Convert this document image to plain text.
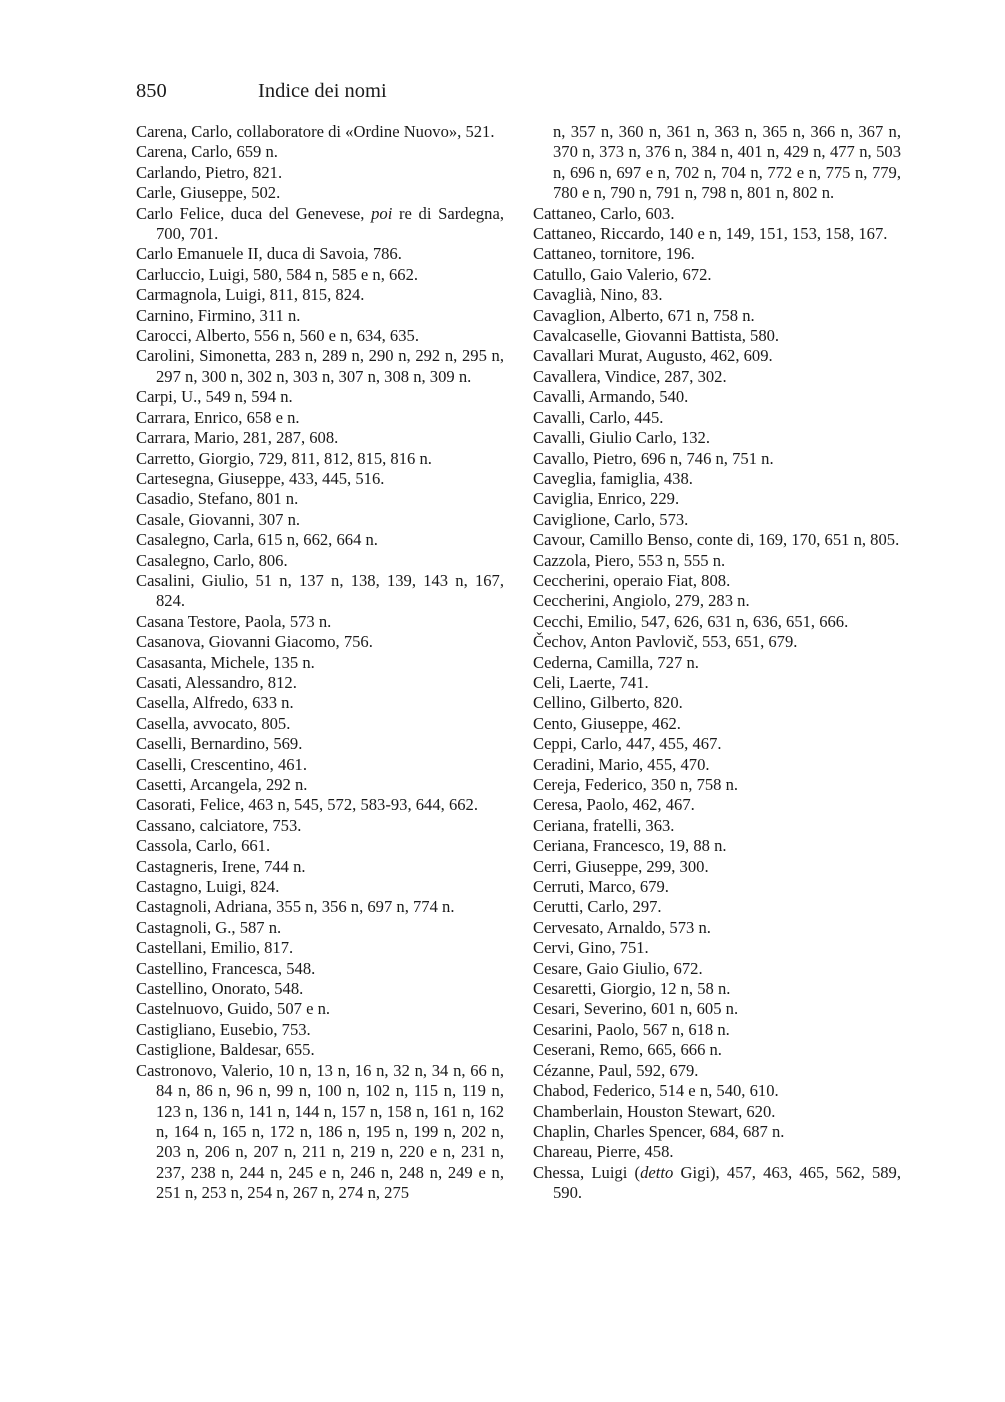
850	Indice dei nomi
Carena, Carlo, collaboratore di «Ordine Nuovo», 521.
Carena, Carlo, 659 n.
Carlando, Pietro, 821.
Carle, Giuseppe, 502.
Carlo Felice, duca del Genevese, poi re di Sardegna, 700, 701.
Carlo Emanuele II, duca di Savoia, 786.
Carluccio, Luigi, 580, 584 n, 585 e n, 662.
Carmagnola, Luigi, 811, 815, 824.
Carnino, Firmino, 311 n.
Carocci, Alberto, 556 n, 560 e n, 634, 635.
Carolini, Simonetta, 283 n, 289 n, 290 n, 292 n, 295 n, 297 n, 300 n, 302 n, 303 n, 307 n, 308 n, 309 n.
Carpi, U., 549 n, 594 n.
Carrara, Enrico, 658 e n.
Carrara, Mario, 281, 287, 608.
Carretto, Giorgio, 729, 811, 812, 815, 816 n.
Cartesegna, Giuseppe, 433, 445, 516.
Casadio, Stefano, 801 n.
Casale, Giovanni, 307 n.
Casalegno, Carla, 615 n, 662, 664 n.
Casalegno, Carlo, 806.
Casalini, Giulio, 51 n, 137 n, 138, 139, 143 n, 167, 824.
Casana Testore, Paola, 573 n.
Casanova, Giovanni Giacomo, 756.
Casasanta, Michele, 135 n.
Casati, Alessandro, 812.
Casella, Alfredo, 633 n.
Casella, avvocato, 805.
Caselli, Bernardino, 569.
Caselli, Crescentino, 461.
Casetti, Arcangela, 292 n.
Casorati, Felice, 463 n, 545, 572, 583-93, 644, 662.
Cassano, calciatore, 753.
Cassola, Carlo, 661.
Castagneris, Irene, 744 n.
Castagno, Luigi, 824.
Castagnoli, Adriana, 355 n, 356 n, 697 n, 774 n.
Castagnoli, G., 587 n.
Castellani, Emilio, 817.
Castellino, Francesca, 548.
Castellino, Onorato, 548.
Castelnuovo, Guido, 507 e n.
Castigliano, Eusebio, 753.
Castiglione, Baldesar, 655.
Castronovo, Valerio, 10 n, 13 n, 16 n, 32 n, 34 n, 66 n, 84 n, 86 n, 96 n, 99 n, 100 n, 102 n, 115 n, 119 n, 123 n, 136 n, 141 n, 144 n, 157 n, 158 n, 161 n, 162 n, 164 n, 165 n, 172 n, 186 n, 195 n, 199 n, 202 n, 203 n, 206 n, 207 n, 211 n, 219 n, 220 e n, 231 n, 237, 238 n, 244 n, 245 e n, 246 n, 248 n, 249 e n, 251 n, 253 n, 254 n, 267 n, 274 n, 275
n, 357 n, 360 n, 361 n, 363 n, 365 n, 366 n, 367 n, 370 n, 373 n, 376 n, 384 n, 401 n, 429 n, 477 n, 503 n, 696 n, 697 e n, 702 n, 704 n, 772 e n, 775 n, 779, 780 e n, 790 n, 791 n, 798 n, 801 n, 802 n.
Cattaneo, Carlo, 603.
Cattaneo, Riccardo, 140 e n, 149, 151, 153, 158, 167.
Cattaneo, tornitore, 196.
Catullo, Gaio Valerio, 672.
Cavaglià, Nino, 83.
Cavaglion, Alberto, 671 n, 758 n.
Cavalcaselle, Giovanni Battista, 580.
Cavallari Murat, Augusto, 462, 609.
Cavallera, Vindice, 287, 302.
Cavalli, Armando, 540.
Cavalli, Carlo, 445.
Cavalli, Giulio Carlo, 132.
Cavallo, Pietro, 696 n, 746 n, 751 n.
Caveglia, famiglia, 438.
Caviglia, Enrico, 229.
Caviglione, Carlo, 573.
Cavour, Camillo Benso, conte di, 169, 170, 651 n, 805.
Cazzola, Piero, 553 n, 555 n.
Ceccherini, operaio Fiat, 808.
Ceccherini, Angiolo, 279, 283 n.
Cecchi, Emilio, 547, 626, 631 n, 636, 651, 666.
Čechov, Anton Pavlovič, 553, 651, 679.
Cederna, Camilla, 727 n.
Celi, Laerte, 741.
Cellino, Gilberto, 820.
Cento, Giuseppe, 462.
Ceppi, Carlo, 447, 455, 467.
Ceradini, Mario, 455, 470.
Cereja, Federico, 350 n, 758 n.
Ceresa, Paolo, 462, 467.
Ceriana, fratelli, 363.
Ceriana, Francesco, 19, 88 n.
Cerri, Giuseppe, 299, 300.
Cerruti, Marco, 679.
Cerutti, Carlo, 297.
Cervesato, Arnaldo, 573 n.
Cervi, Gino, 751.
Cesare, Gaio Giulio, 672.
Cesaretti, Giorgio, 12 n, 58 n.
Cesari, Severino, 601 n, 605 n.
Cesarini, Paolo, 567 n, 618 n.
Ceserani, Remo, 665, 666 n.
Cézanne, Paul, 592, 679.
Chabod, Federico, 514 e n, 540, 610.
Chamberlain, Houston Stewart, 620.
Chaplin, Charles Spencer, 684, 687 n.
Chareau, Pierre, 458.
Chessa, Luigi (detto Gigi), 457, 463, 465, 562, 589, 590.
